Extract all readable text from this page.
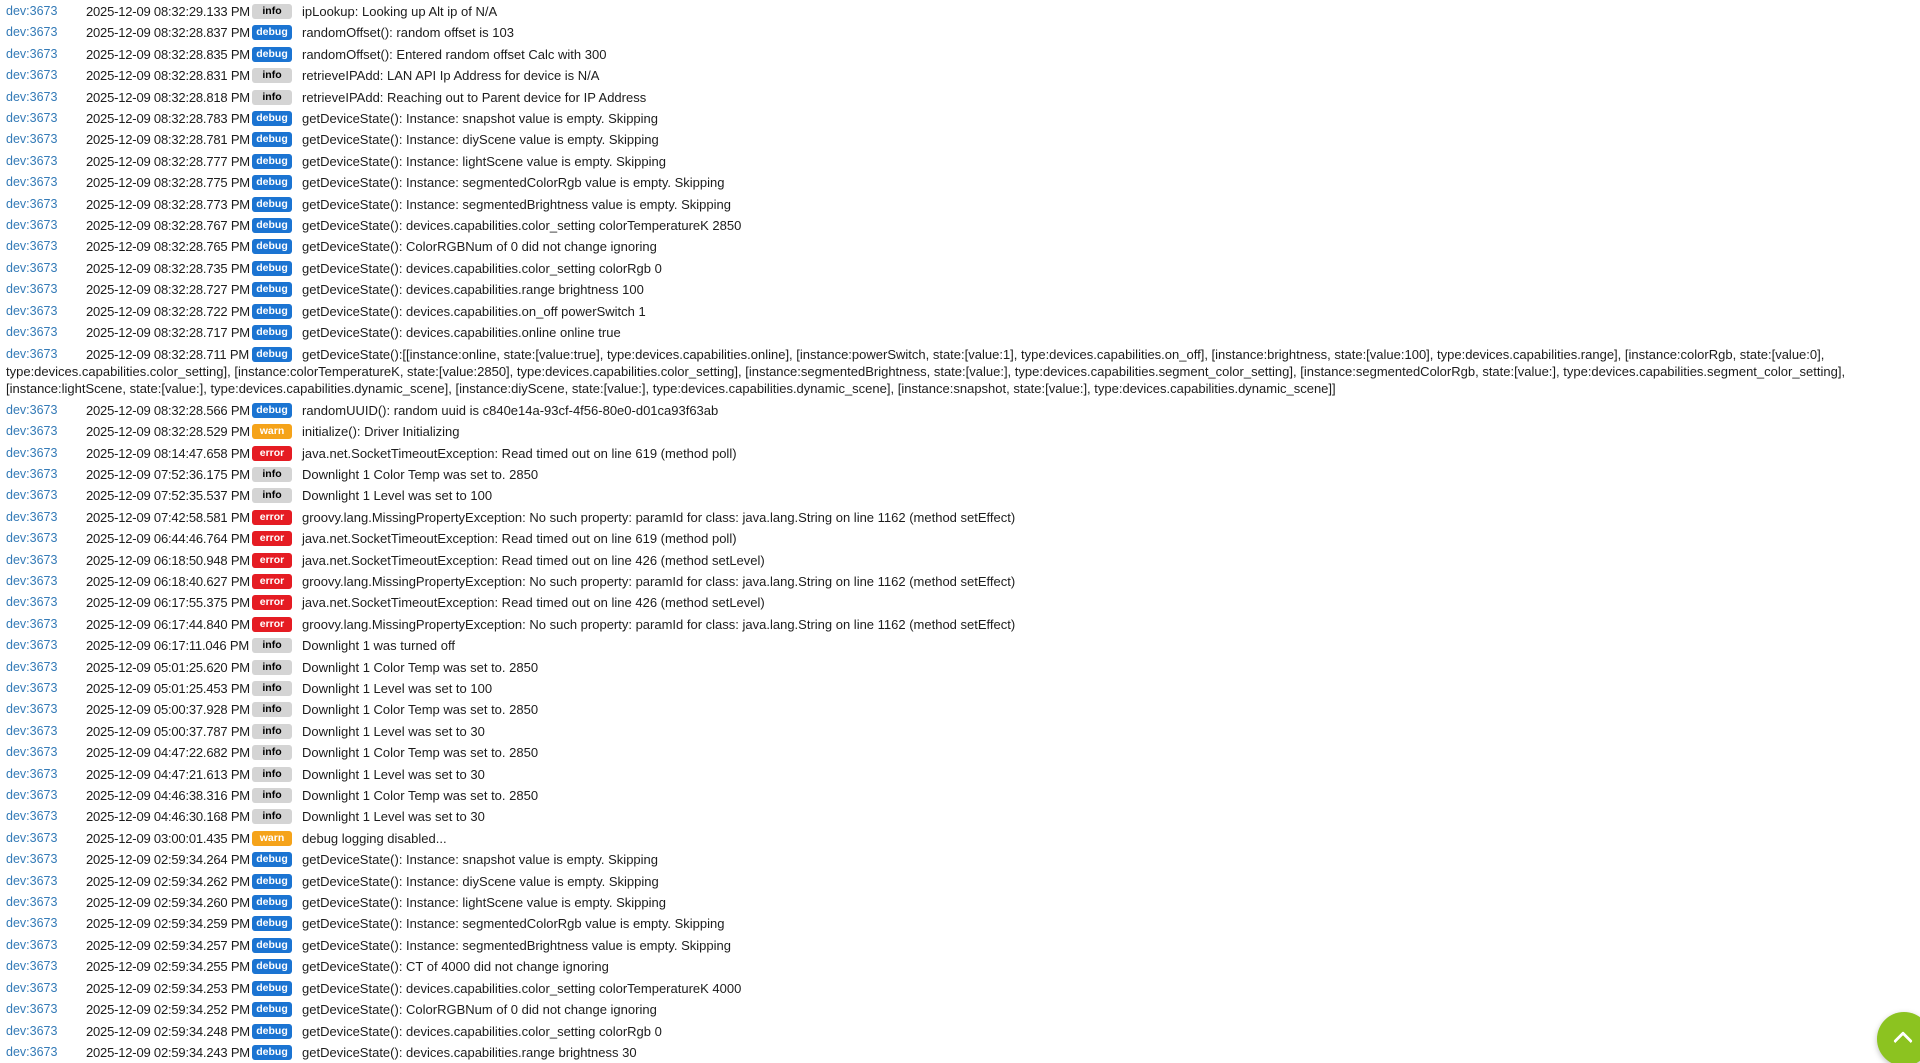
dev:3673 2025-12-09 08:32:29.133 PM info ipLookup: Looking up Alt ip of N/A
dev:3673 2025-12-09 08:32:28.837 PM debug randomOffset(): random offset is 103
dev:3673 2025-12-09 08:32:28.835 PM debug randomOffset(): Entered random offset Calc with 300
dev:3673 2025-12-09 08:32:28.831 PM info retrieveIPAdd: LAN API Ip Address for device is N/A
dev:3673 2025-12-09 08:32:28.818 PM info retrieveIPAdd: Reaching out to Parent device for IP Address
dev:3673 2025-12-09 08:32:28.783 PM debug getDeviceState(): Instance: snapshot value is empty. Skipping
dev:3673 2025-12-09 08:32:28.781 PM debug getDeviceState(): Instance: diyScene value is empty. Skipping
dev:3673 2025-12-09 08:32:28.777 PM debug getDeviceState(): Instance: lightScene value is empty. Skipping
dev:3673 2025-12-09 08:32:28.775 PM debug getDeviceState(): Instance: segmentedColorRgb value is empty. Skipping
dev:3673 2025-12-09 08:32:28.773 PM debug getDeviceState(): Instance: segmentedBrightness value is empty. Skipping
dev:3673 2025-12-09 08:32:28.767 PM debug getDeviceState(): devices.capabilities.color_setting colorTemperatureK 2850
dev:3673 2025-12-09 08:32:28.765 PM debug getDeviceState(): ColorRGBNum of 0 did not change ignoring
dev:3673 2025-12-09 08:32:28.735 PM debug getDeviceState(): devices.capabilities.color_setting colorRgb 0
dev:3673 2025-12-09 08:32:28.727 PM debug getDeviceState(): devices.capabilities.range brightness 100
dev:3673 2025-12-09 08:32:28.722 PM debug getDeviceState(): devices.capabilities.on_off powerSwitch 1
dev:3673 2025-12-09 08:32:28.717 PM debug getDeviceState(): devices.capabilities.online online true
dev:3673 2025-12-09 08:32:28.711 PM debug getDeviceState():[[instance:online, state:[value:true], type:devices.capabilities.online], [instance:powerSwitch, state:[value:1], type:devices.capabilities.on_off], [instance:brightness, state:[value:100], type:devices.capabilities.range], [instance:colorRgb, state:[value:0], type:devices.capabilities.color_setting], [instance:colorTemperatureK, state:[value:2850], type:devices.capabilities.color_setting], [instance:segmentedBrightness, state:[value:], type:devices.capabilities.segment_color_setting], [instance:segmentedColorRgb, state:[value:], type:devices.capabilities.segment_color_setting], [instance:lightScene, state:[value:], type:devices.capabilities.dynamic_scene], [instance:diyScene, state:[value:], type:devices.capabilities.dynamic_scene], [instance:snapshot, state:[value:], type:devices.capabilities.dynamic_scene]]
dev:3673 2025-12-09 08:32:28.566 PM debug randomUUID(): random uuid is c840e14a-93cf-4f56-80e0-d01ca93f63ab
dev:3673 2025-12-09 08:32:28.529 PM warn initialize(): Driver Initializing
dev:3673 2025-12-09 08:14:47.658 PM error java.net.SocketTimeoutException: Read timed out on line 619 (method poll)
dev:3673 2025-12-09 07:52:36.175 PM info Downlight 1 Color Temp was set to. 2850
dev:3673 2025-12-09 07:52:35.537 PM info Downlight 1 Level was set to 100
dev:3673 2025-12-09 07:42:58.581 PM error groovy.lang.MissingPropertyException: No such property: paramId for class: java.lang.String on line 1162 (method setEffect)
dev:3673 2025-12-09 06:44:46.764 PM error java.net.SocketTimeoutException: Read timed out on line 619 (method poll)
dev:3673 2025-12-09 06:18:50.948 PM error java.net.SocketTimeoutException: Read timed out on line 426 (method setLevel)
dev:3673 2025-12-09 06:18:40.627 PM error groovy.lang.MissingPropertyException: No such property: paramId for class: java.lang.String on line 1162 (method setEffect)
dev:3673 2025-12-09 06:17:55.375 PM error java.net.SocketTimeoutException: Read timed out on line 426 (method setLevel)
dev:3673 2025-12-09 06:17:44.840 PM error groovy.lang.MissingPropertyException: No such property: paramId for class: java.lang.String on line 1162 (method setEffect)
dev:3673 2025-12-09 06:17:11.046 PM info Downlight 1 was turned off
dev:3673 2025-12-09 05:01:25.620 PM info Downlight 1 Color Temp was set to. 2850
dev:3673 2025-12-09 05:01:25.453 PM info Downlight 1 Level was set to 100
dev:3673 2025-12-09 05:00:37.928 PM info Downlight 1 Color Temp was set to. 2850
dev:3673 2025-12-09 05:00:37.787 PM info Downlight 1 Level was set to 30
dev:3673 2025-12-09 04:47:22.682 PM info Downlight 1 Color Temp was set to. 2850
dev:3673 2025-12-09 04:47:21.613 PM info Downlight 1 Level was set to 30
dev:3673 2025-12-09 04:46:38.316 PM info Downlight 1 Color Temp was set to. 2850
dev:3673 2025-12-09 04:46:30.168 PM info Downlight 1 Level was set to 30
dev:3673 2025-12-09 03:00:01.435 PM warn debug logging disabled...
dev:3673 2025-12-09 02:59:34.264 PM debug getDeviceState(): Instance: snapshot value is empty. Skipping
dev:3673 2025-12-09 02:59:34.262 PM debug getDeviceState(): Instance: diyScene value is empty. Skipping
dev:3673 2025-12-09 02:59:34.260 PM debug getDeviceState(): Instance: lightScene value is empty. Skipping
dev:3673 2025-12-09 02:59:34.259 PM debug getDeviceState(): Instance: segmentedColorRgb value is empty. Skipping
dev:3673 2025-12-09 02:59:34.257 PM debug getDeviceState(): Instance: segmentedBrightness value is empty. Skipping
dev:3673 2025-12-09 02:59:34.255 PM debug getDeviceState(): CT of 4000 did not change ignoring
dev:3673 2025-12-09 02:59:34.253 PM debug getDeviceState(): devices.capabilities.color_setting colorTemperatureK 4000
dev:3673 2025-12-09 02:59:34.252 PM debug getDeviceState(): ColorRGBNum of 0 did not change ignoring
dev:3673 2025-12-09 02:59:34.248 PM debug getDeviceState(): devices.capabilities.color_setting colorRgb 0
dev:3673 2025-12-09 02:59:34.243 PM debug getDeviceState(): devices.capabilities.range brightness 30
